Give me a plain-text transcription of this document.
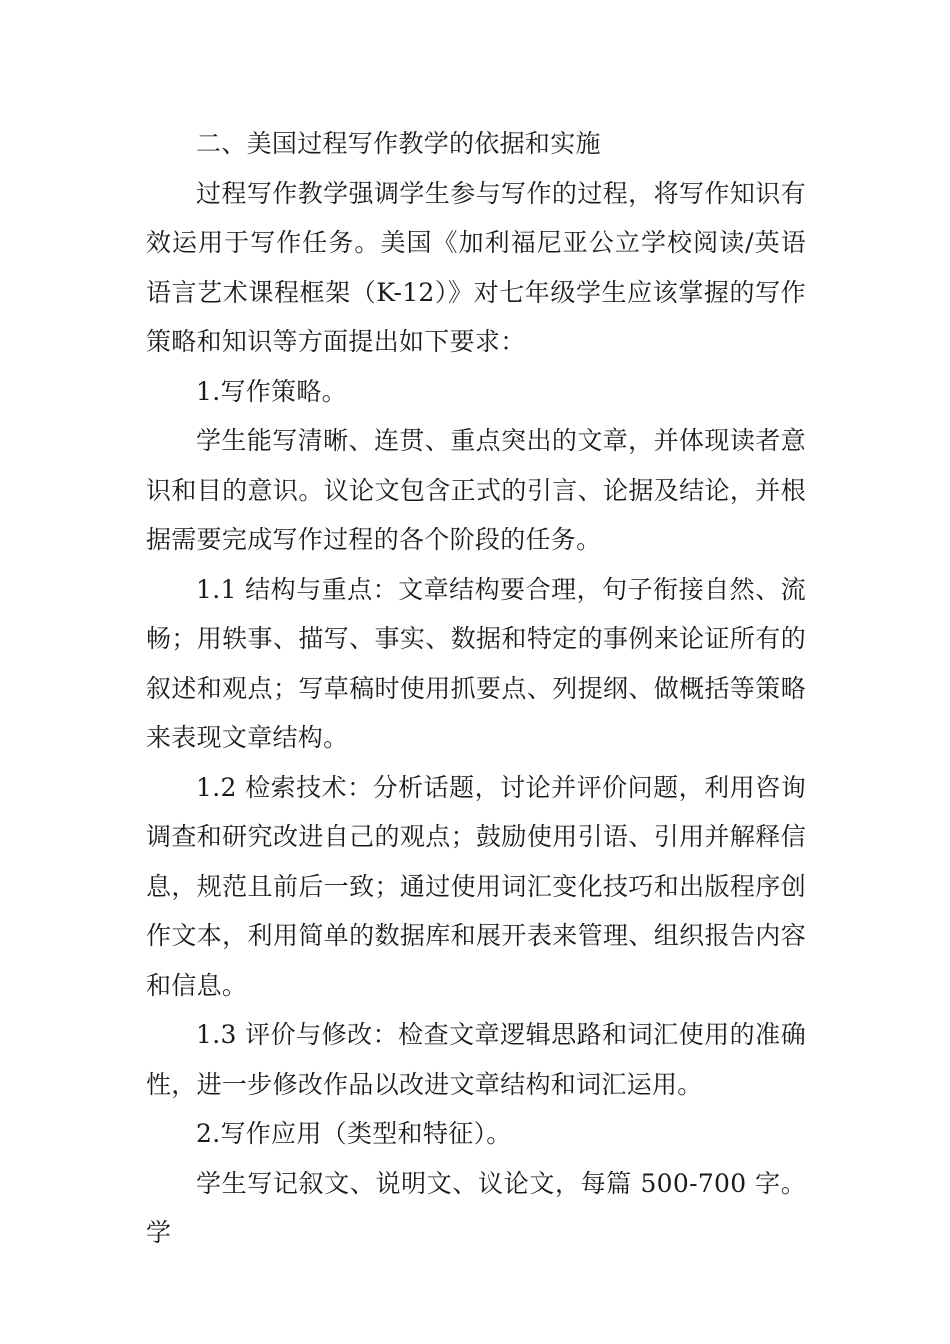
二、美国过程写作教学的依据和实施

过程写作教学强调学生参与写作的过程，将写作知识有效运用于写作任务。美国《加利福尼亚公立学校阅读/英语语言艺术课程框架（K-12）》对七年级学生应该掌握的写作策略和知识等方面提出如下要求：

1.写作策略。

学生能写清晰、连贯、重点突出的文章，并体现读者意识和目的意识。议论文包含正式的引言、论据及结论，并根据需要完成写作过程的各个阶段的任务。

1.1 结构与重点：文章结构要合理，句子衔接自然、流畅；用轶事、描写、事实、数据和特定的事例来论证所有的叙述和观点；写草稿时使用抓要点、列提纲、做概括等策略来表现文章结构。

1.2 检索技术：分析话题，讨论并评价问题，利用咨询调查和研究改进自己的观点；鼓励使用引语、引用并解释信息，规范且前后一致；通过使用词汇变化技巧和出版程序创作文本，利用简单的数据库和展开表来管理、组织报告内容和信息。

1.3 评价与修改：检查文章逻辑思路和词汇使用的准确性，进一步修改作品以改进文章结构和词汇运用。

2.写作应用（类型和特征）。

学生写记叙文、说明文、议论文，每篇 500-700 字。学
